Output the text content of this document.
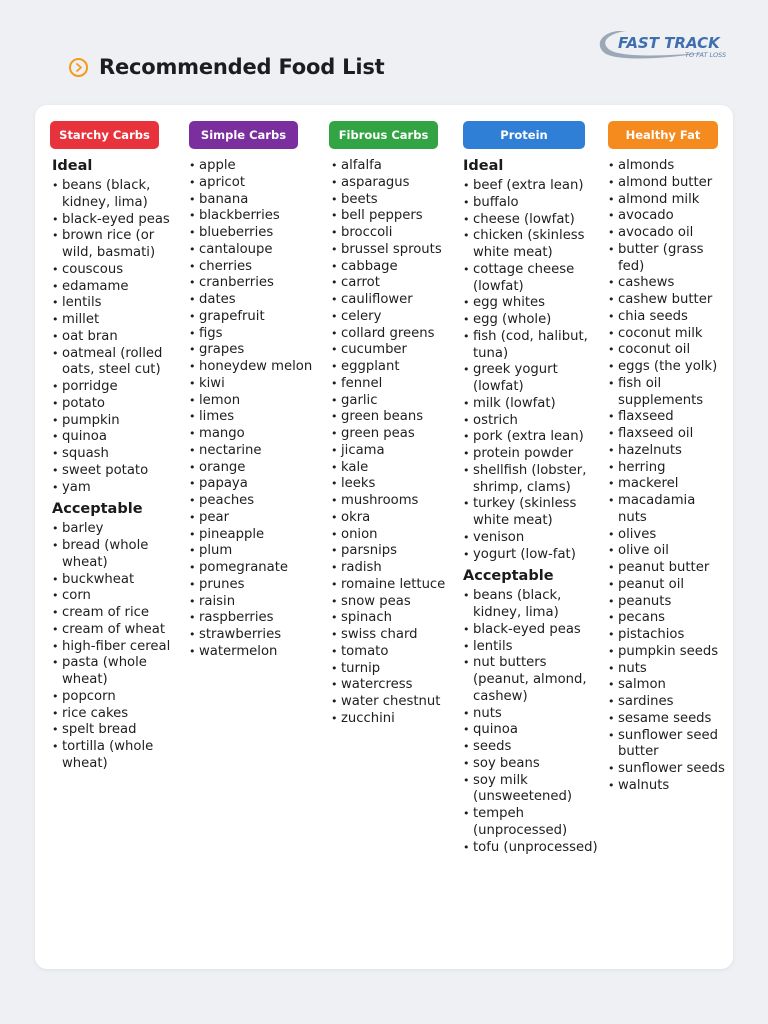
Recommended Food List
FAST TRACK
TO FAT LOSS
Starchy Carbs
Ideal
• beans (black, kidney, lima)
• black-eyed peas
• brown rice (or wild, basmati)
• couscous
• edamame
• lentils
• millet
• oat bran
• oatmeal (rolled oats, steel cut)
• porridge
• potato
• pumpkin
• quinoa
• squash
• sweet potato
• yam
Acceptable
• barley
• bread (whole wheat)
• buckwheat
• corn
• cream of rice
• cream of wheat
• high-fiber cereal
• pasta (whole wheat)
• popcorn
• rice cakes
• spelt bread
• tortilla (whole wheat)
Simple Carbs
• apple
• apricot
• banana
• blackberries
• blueberries
• cantaloupe
• cherries
• cranberries
• dates
• grapefruit
• figs
• grapes
• honeydew melon
• kiwi
• lemon
• limes
• mango
• nectarine
• orange
• papaya
• peaches
• pear
• pineapple
• plum
• pomegranate
• prunes
• raisin
• raspberries
• strawberries
• watermelon
Fibrous Carbs
• alfalfa
• asparagus
• beets
• bell peppers
• broccoli
• brussel sprouts
• cabbage
• carrot
• cauliflower
• celery
• collard greens
• cucumber
• eggplant
• fennel
• garlic
• green beans
• green peas
• jicama
• kale
• leeks
• mushrooms
• okra
• onion
• parsnips
• radish
• romaine lettuce
• snow peas
• spinach
• swiss chard
• tomato
• turnip
• watercress
• water chestnut
• zucchini
Protein
Ideal
• beef (extra lean)
• buffalo
• cheese (lowfat)
• chicken (skinless white meat)
• cottage cheese (lowfat)
• egg whites
• egg (whole)
• fish (cod, halibut, tuna)
• greek yogurt (lowfat)
• milk (lowfat)
• ostrich
• pork (extra lean)
• protein powder
• shellfish (lobster, shrimp, clams)
• turkey (skinless white meat)
• venison
• yogurt (low-fat)
Acceptable
• beans (black, kidney, lima)
• black-eyed peas
• lentils
• nut butters (peanut, almond, cashew)
• nuts
• quinoa
• seeds
• soy beans
• soy milk (unsweetened)
• tempeh (unprocessed)
• tofu (unprocessed)
Healthy Fat
• almonds
• almond butter
• almond milk
• avocado
• avocado oil
• butter (grass fed)
• cashews
• cashew butter
• chia seeds
• coconut milk
• coconut oil
• eggs (the yolk)
• fish oil supplements
• flaxseed
• flaxseed oil
• hazelnuts
• herring
• mackerel
• macadamia nuts
• olives
• olive oil
• peanut butter
• peanut oil
• peanuts
• pecans
• pistachios
• pumpkin seeds
• nuts
• salmon
• sardines
• sesame seeds
• sunflower seed butter
• sunflower seeds
• walnuts
